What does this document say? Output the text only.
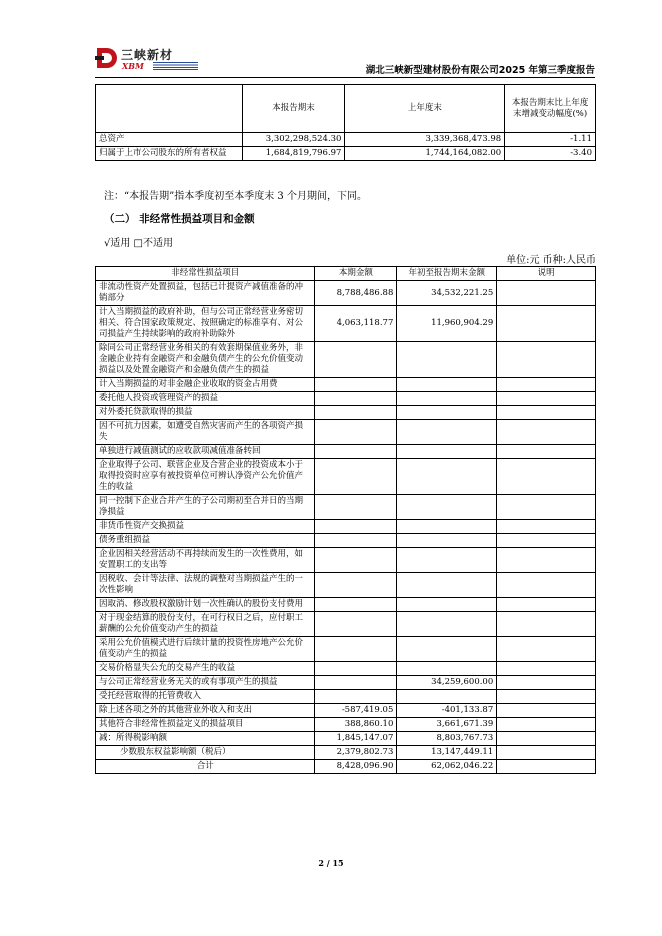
三峡新材
XBM	湖北三峡新型建材股份有限公司2025 年第三季度报告
	本报告期末	上年度末	本报告期末比上年度末增减变动幅度(%)
总资产	3,302,298,524.30	3,339,368,473.98	-1.11
归属于上市公司股东的所有者权益	1,684,819,796.97	1,744,164,082.00	-3.40
注：“本报告期”指本季度初至本季度末 3 个月期间，下同。
（二） 非经常性损益项目和金额
√适用 □不适用
单位:元 币种:人民币
非经常性损益项目	本期金额	年初至报告期末金额	说明
非流动性资产处置损益，包括已计提资产减值准备的冲销部分	8,788,486.88	34,532,221.25	
计入当期损益的政府补助，但与公司正常经营业务密切相关、符合国家政策规定、按照确定的标准享有、对公司损益产生持续影响的政府补助除外	4,063,118.77	11,960,904.29	
除同公司正常经营业务相关的有效套期保值业务外，非金融企业持有金融资产和金融负债产生的公允价值变动损益以及处置金融资产和金融负债产生的损益			
计入当期损益的对非金融企业收取的资金占用费			
委托他人投资或管理资产的损益			
对外委托贷款取得的损益			
因不可抗力因素，如遭受自然灾害而产生的各项资产损失			
单独进行减值测试的应收款项减值准备转回			
企业取得子公司、联营企业及合营企业的投资成本小于取得投资时应享有被投资单位可辨认净资产公允价值产生的收益			
同一控制下企业合并产生的子公司期初至合并日的当期净损益			
非货币性资产交换损益			
债务重组损益			
企业因相关经营活动不再持续而发生的一次性费用，如安置职工的支出等			
因税收、会计等法律、法规的调整对当期损益产生的一次性影响			
因取消、修改股权激励计划一次性确认的股份支付费用			
对于现金结算的股份支付，在可行权日之后，应付职工薪酬的公允价值变动产生的损益			
采用公允价值模式进行后续计量的投资性房地产公允价值变动产生的损益			
交易价格显失公允的交易产生的收益			
与公司正常经营业务无关的或有事项产生的损益		34,259,600.00	
受托经营取得的托管费收入			
除上述各项之外的其他营业外收入和支出	-587,419.05	-401,133.87	
其他符合非经常性损益定义的损益项目	388,860.10	3,661,671.39	
减：所得税影响额	1,845,147.07	8,803,767.73	
少数股东权益影响额（税后）	2,379,802.73	13,147,449.11	
合计	8,428,096.90	62,062,046.22	
2 / 15
